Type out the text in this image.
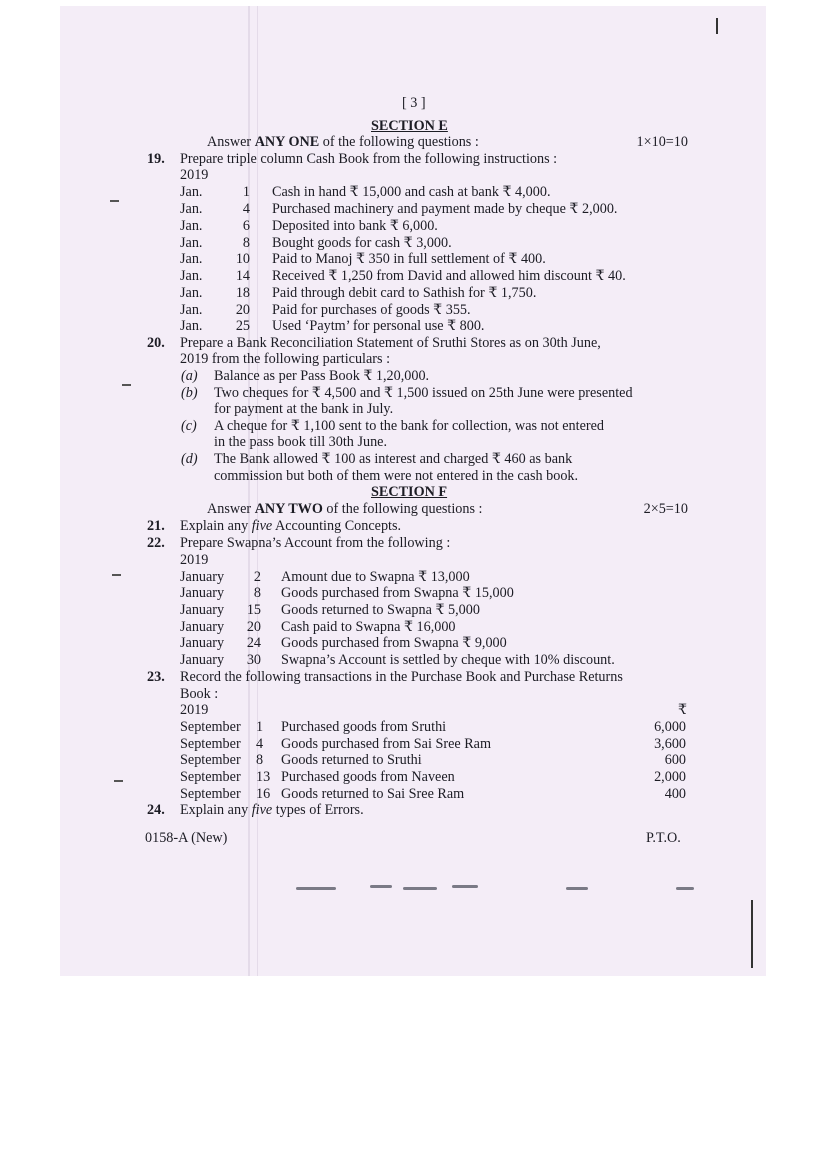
[ 3 ]
SECTION E
Answer ANY ONE of the following questions :	1×10=10
19. Prepare triple column Cash Book from the following instructions :
2019
Jan.	1 Cash in hand ₹ 15,000 and cash at bank ₹ 4,000.
Jan.	4 Purchased machinery and payment made by cheque ₹ 2,000.
Jan.	6 Deposited into bank ₹ 6,000.
Jan.	8 Bought goods for cash ₹ 3,000.
Jan.	10 Paid to Manoj ₹ 350 in full settlement of ₹ 400.
Jan.	14 Received ₹ 1,250 from David and allowed him discount ₹ 40.
Jan.	18 Paid through debit card to Sathish for ₹ 1,750.
Jan.	20 Paid for purchases of goods ₹ 355.
Jan.	25 Used ‘Paytm’ for personal use ₹ 800.
20. Prepare a Bank Reconciliation Statement of Sruthi Stores as on 30th June,
2019 from the following particulars :
(a) Balance as per Pass Book ₹ 1,20,000.
(b) Two cheques for ₹ 4,500 and ₹ 1,500 issued on 25th June were presented
for payment at the bank in July.
(c) A cheque for ₹ 1,100 sent to the bank for collection, was not entered
in the pass book till 30th June.
(d) The Bank allowed ₹ 100 as interest and charged ₹ 460 as bank
commission but both of them were not entered in the cash book.
SECTION F
Answer ANY TWO of the following questions :	2×5=10
21. Explain any five Accounting Concepts.
22. Prepare Swapna’s Account from the following :
2019
January	2 Amount due to Swapna ₹ 13,000
January	8 Goods purchased from Swapna ₹ 15,000
January	15 Goods returned to Swapna ₹ 5,000
January	20 Cash paid to Swapna ₹ 16,000
January	24 Goods purchased from Swapna ₹ 9,000
January	30 Swapna’s Account is settled by cheque with 10% discount.
23. Record the following transactions in the Purchase Book and Purchase Returns
Book :
2019	₹
September 1 Purchased goods from Sruthi	6,000
September 4 Goods purchased from Sai Sree Ram	3,600
September 8 Goods returned to Sruthi	600
September 13 Purchased goods from Naveen	2,000
September 16 Goods returned to Sai Sree Ram	400
24. Explain any five types of Errors.
0158-A (New)	P.T.O.
